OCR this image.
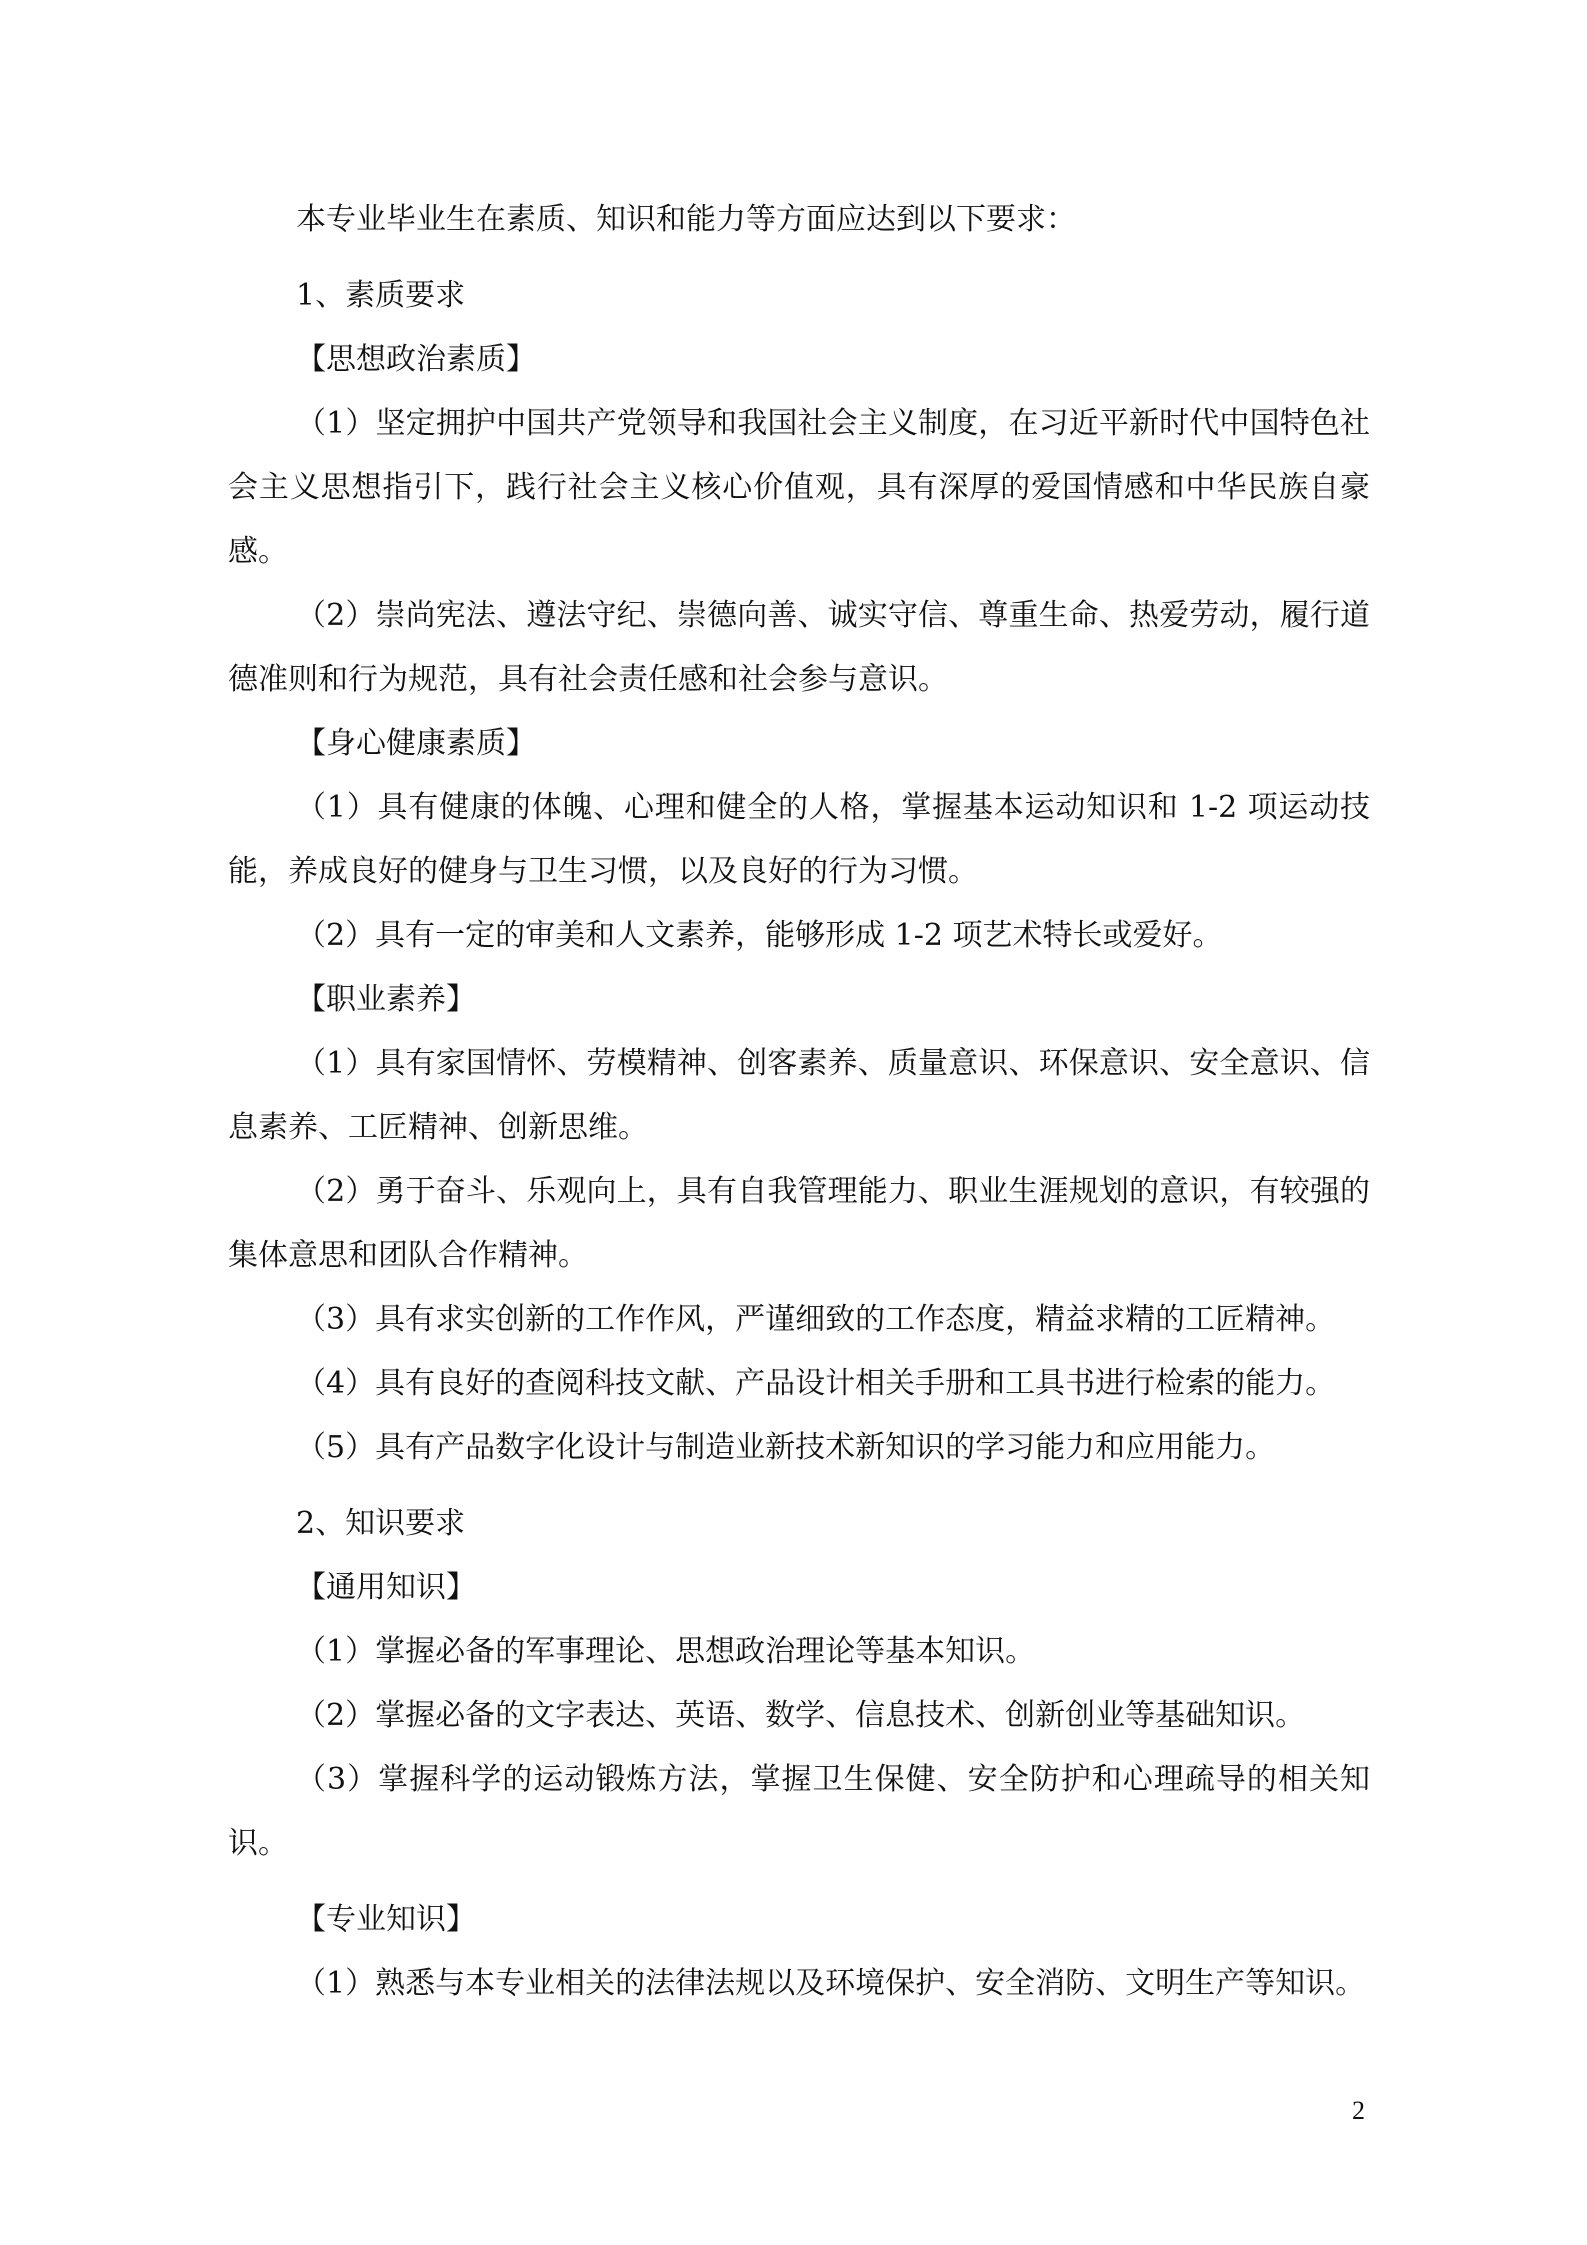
本专业毕业生在素质、知识和能力等方面应达到以下要求：

1、素质要求

【思想政治素质】

（1）坚定拥护中国共产党领导和我国社会主义制度，在习近平新时代中国特色社会主义思想指引下，践行社会主义核心价值观，具有深厚的爱国情感和中华民族自豪感。

（2）崇尚宪法、遵法守纪、崇德向善、诚实守信、尊重生命、热爱劳动，履行道德准则和行为规范，具有社会责任感和社会参与意识。

【身心健康素质】

（1）具有健康的体魄、心理和健全的人格，掌握基本运动知识和 1-2 项运动技能，养成良好的健身与卫生习惯，以及良好的行为习惯。

（2）具有一定的审美和人文素养，能够形成 1-2 项艺术特长或爱好。

【职业素养】

（1）具有家国情怀、劳模精神、创客素养、质量意识、环保意识、安全意识、信息素养、工匠精神、创新思维。

（2）勇于奋斗、乐观向上，具有自我管理能力、职业生涯规划的意识，有较强的集体意思和团队合作精神。

（3）具有求实创新的工作作风，严谨细致的工作态度，精益求精的工匠精神。

（4）具有良好的查阅科技文献、产品设计相关手册和工具书进行检索的能力。

（5）具有产品数字化设计与制造业新技术新知识的学习能力和应用能力。

2、知识要求

【通用知识】

（1）掌握必备的军事理论、思想政治理论等基本知识。

（2）掌握必备的文字表达、英语、数学、信息技术、创新创业等基础知识。

（3）掌握科学的运动锻炼方法，掌握卫生保健、安全防护和心理疏导的相关知识。

【专业知识】

（1）熟悉与本专业相关的法律法规以及环境保护、安全消防、文明生产等知识。

2
